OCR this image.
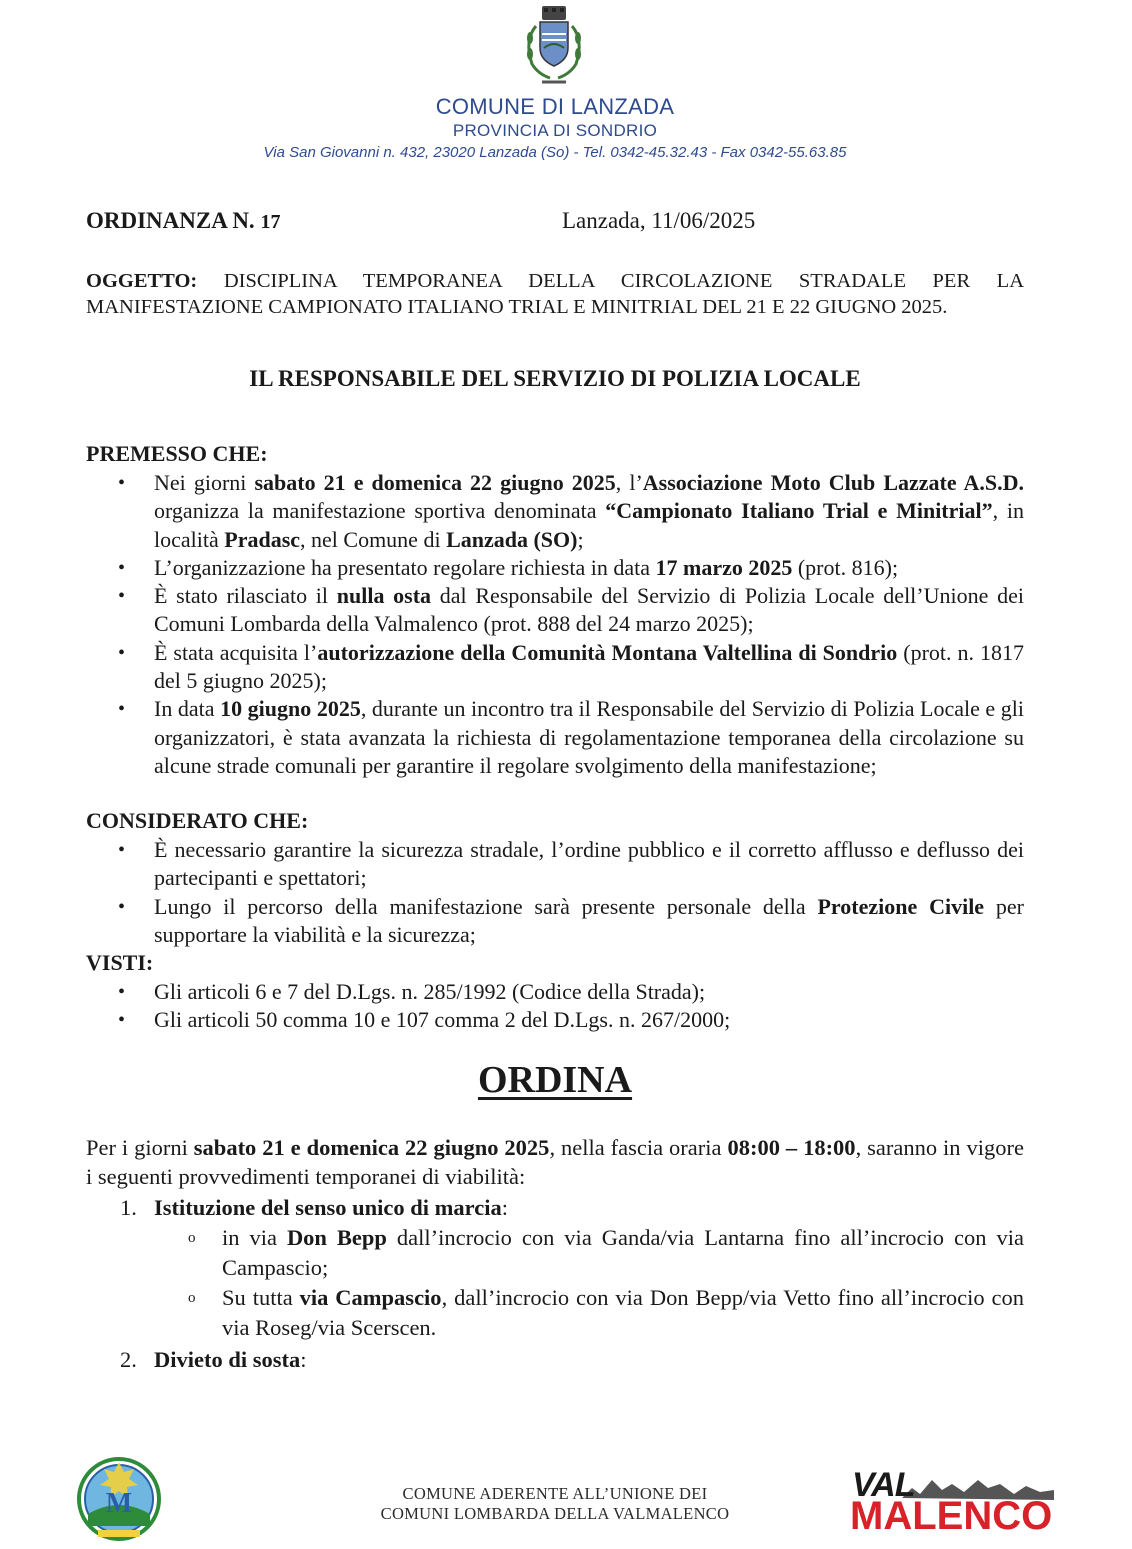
COMUNE DI LANZADA
PROVINCIA DI SONDRIO
Via San Giovanni n. 432, 23020 Lanzada (So) - Tel. 0342-45.32.43 - Fax 0342-55.63.85
ORDINANZA N. 17	Lanzada, 11/06/2025
OGGETTO: DISCIPLINA TEMPORANEA DELLA CIRCOLAZIONE STRADALE PER LA MANIFESTAZIONE CAMPIONATO ITALIANO TRIAL E MINITRIAL DEL 21 E 22 GIUGNO 2025.
IL RESPONSABILE DEL SERVIZIO DI POLIZIA LOCALE
PREMESSO CHE:
• Nei giorni sabato 21 e domenica 22 giugno 2025, l’Associazione Moto Club Lazzate A.S.D. organizza la manifestazione sportiva denominata “Campionato Italiano Trial e Minitrial”, in località Pradasc, nel Comune di Lanzada (SO);
• L’organizzazione ha presentato regolare richiesta in data 17 marzo 2025 (prot. 816);
• È stato rilasciato il nulla osta dal Responsabile del Servizio di Polizia Locale dell’Unione dei Comuni Lombarda della Valmalenco (prot. 888 del 24 marzo 2025);
• È stata acquisita l’autorizzazione della Comunità Montana Valtellina di Sondrio (prot. n. 1817 del 5 giugno 2025);
• In data 10 giugno 2025, durante un incontro tra il Responsabile del Servizio di Polizia Locale e gli organizzatori, è stata avanzata la richiesta di regolamentazione temporanea della circolazione su alcune strade comunali per garantire il regolare svolgimento della manifestazione;
CONSIDERATO CHE:
• È necessario garantire la sicurezza stradale, l’ordine pubblico e il corretto afflusso e deflusso dei partecipanti e spettatori;
• Lungo il percorso della manifestazione sarà presente personale della Protezione Civile per supportare la viabilità e la sicurezza;
VISTI:
• Gli articoli 6 e 7 del D.Lgs. n. 285/1992 (Codice della Strada);
• Gli articoli 50 comma 10 e 107 comma 2 del D.Lgs. n. 267/2000;
ORDINA
Per i giorni sabato 21 e domenica 22 giugno 2025, nella fascia oraria 08:00 – 18:00, saranno in vigore i seguenti provvedimenti temporanei di viabilità:
1. Istituzione del senso unico di marcia:
o in via Don Bepp dall’incrocio con via Ganda/via Lantarna fino all’incrocio con via Campascio;
o Su tutta via Campascio, dall’incrocio con via Don Bepp/via Vetto fino all’incrocio con via Roseg/via Scerscen.
2. Divieto di sosta:
M	COMUNE ADERENTE ALL’UNIONE DEI
COMUNI LOMBARDA DELLA VALMALENCO
VAL
MALENCO
